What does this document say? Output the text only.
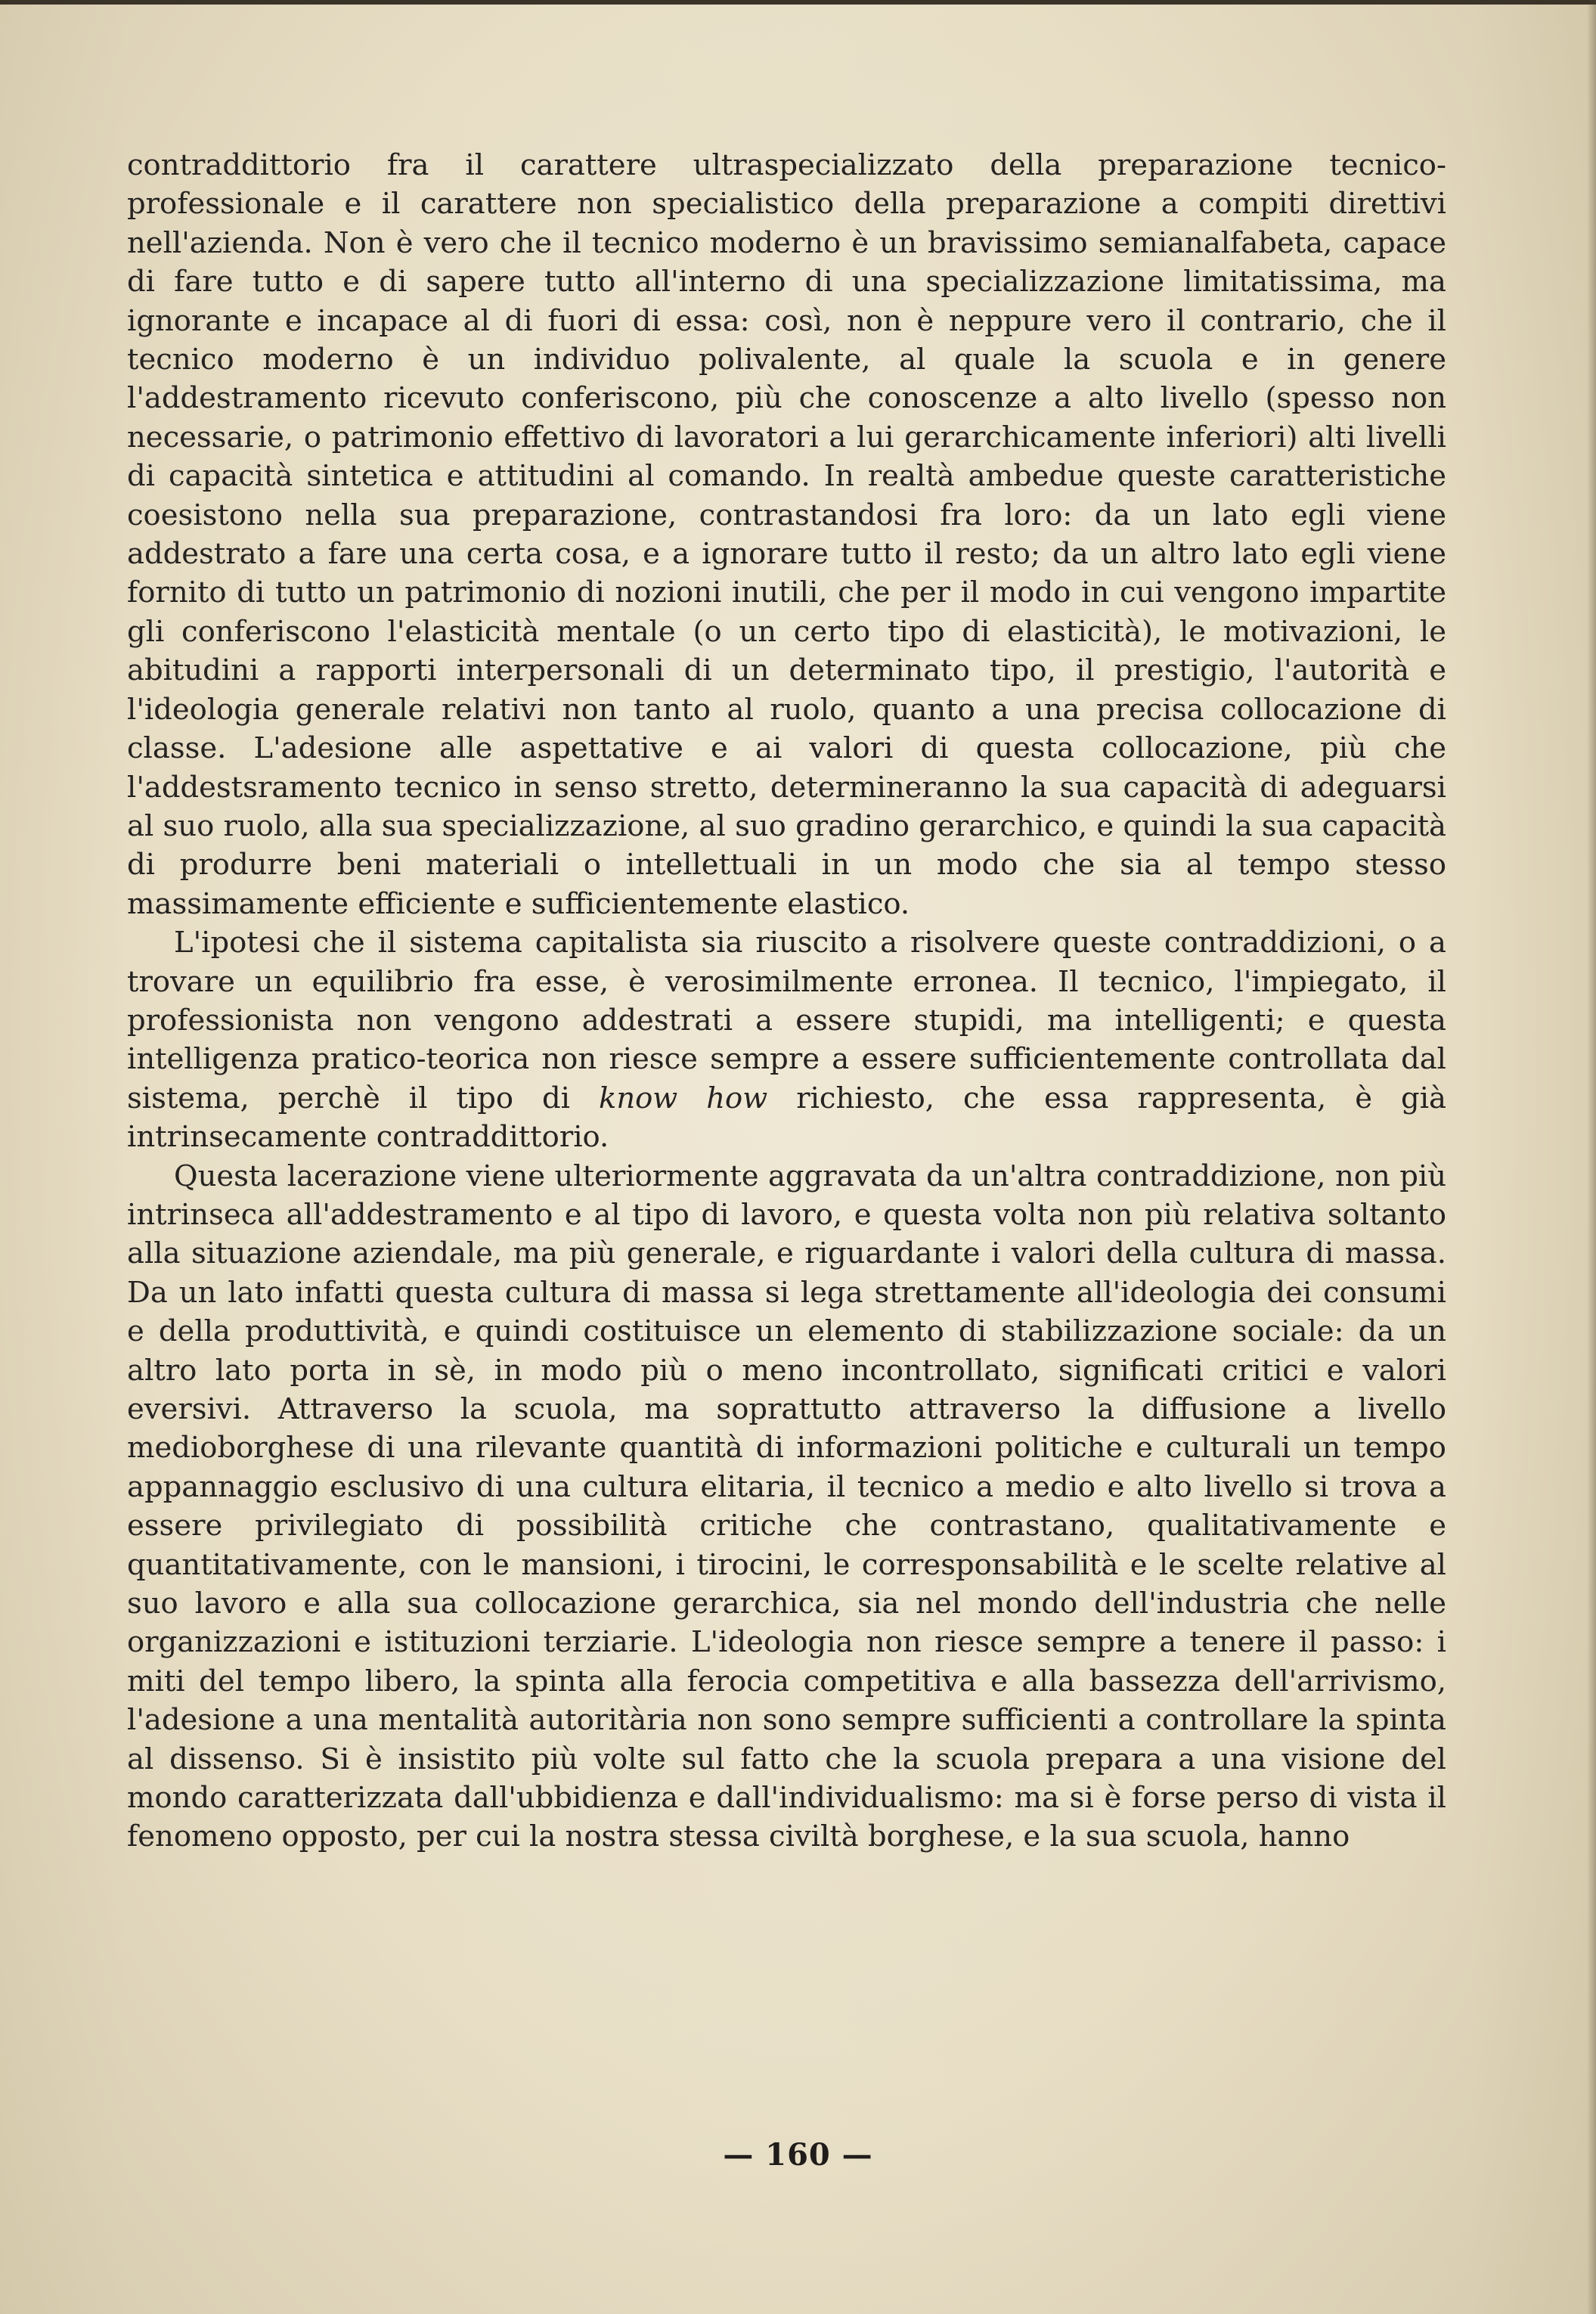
contraddittorio fra il carattere ultraspecializzato della preparazione tecnico-professionale e il carattere non specialistico della preparazione a compiti direttivi nell'azienda. Non è vero che il tecnico moderno è un bravissimo semianalfabeta, capace di fare tutto e di sapere tutto all'interno di una specializzazione limitatissima, ma ignorante e incapace al di fuori di essa: così, non è neppure vero il contrario, che il tecnico moderno è un individuo polivalente, al quale la scuola e in genere l'addestramento ricevuto conferiscono, più che conoscenze a alto livello (spesso non necessarie, o patrimonio effettivo di lavoratori a lui gerarchicamente inferiori) alti livelli di capacità sintetica e attitudini al comando. In realtà ambedue queste caratteristiche coesistono nella sua preparazione, contrastandosi fra loro: da un lato egli viene addestrato a fare una certa cosa, e a ignorare tutto il resto; da un altro lato egli viene fornito di tutto un patrimonio di nozioni inutili, che per il modo in cui vengono impartite gli conferiscono l'elasticità mentale (o un certo tipo di elasticità), le motivazioni, le abitudini a rapporti interpersonali di un determinato tipo, il prestigio, l'autorità e l'ideologia generale relativi non tanto al ruolo, quanto a una precisa collocazione di classe. L'adesione alle aspettative e ai valori di questa collocazione, più che l'addestsramento tecnico in senso stretto, determineranno la sua capacità di adeguarsi al suo ruolo, alla sua specializzazione, al suo gradino gerarchico, e quindi la sua capacità di produrre beni materiali o intellettuali in un modo che sia al tempo stesso massimamente efficiente e sufficientemente elastico.

L'ipotesi che il sistema capitalista sia riuscito a risolvere queste contraddizioni, o a trovare un equilibrio fra esse, è verosimilmente erronea. Il tecnico, l'impiegato, il professionista non vengono addestrati a essere stupidi, ma intelligenti; e questa intelligenza pratico-teorica non riesce sempre a essere sufficientemente controllata dal sistema, perchè il tipo di know how richiesto, che essa rappresenta, è già intrinsecamente contraddittorio.

Questa lacerazione viene ulteriormente aggravata da un'altra contraddizione, non più intrinseca all'addestramento e al tipo di lavoro, e questa volta non più relativa soltanto alla situazione aziendale, ma più generale, e riguardante i valori della cultura di massa. Da un lato infatti questa cultura di massa si lega strettamente all'ideologia dei consumi e della produttività, e quindi costituisce un elemento di stabilizzazione sociale: da un altro lato porta in sè, in modo più o meno incontrollato, significati critici e valori eversivi. Attraverso la scuola, ma soprattutto attraverso la diffusione a livello medioborghese di una rilevante quantità di informazioni politiche e culturali un tempo appannaggio esclusivo di una cultura elitaria, il tecnico a medio e alto livello si trova a essere privilegiato di possibilità critiche che contrastano, qualitativamente e quantitativamente, con le mansioni, i tirocini, le corresponsabilità e le scelte relative al suo lavoro e alla sua collocazione gerarchica, sia nel mondo dell'industria che nelle organizzazioni e istituzioni terziarie. L'ideologia non riesce sempre a tenere il passo: i miti del tempo libero, la spinta alla ferocia competitiva e alla bassezza dell'arrivismo, l'adesione a una mentalità autoritària non sono sempre sufficienti a controllare la spinta al dissenso. Si è insistito più volte sul fatto che la scuola prepara a una visione del mondo caratterizzata dall'ubbidienza e dall'individualismo: ma si è forse perso di vista il fenomeno opposto, per cui la nostra stessa civiltà borghese, e la sua scuola, hanno

— 160 —
